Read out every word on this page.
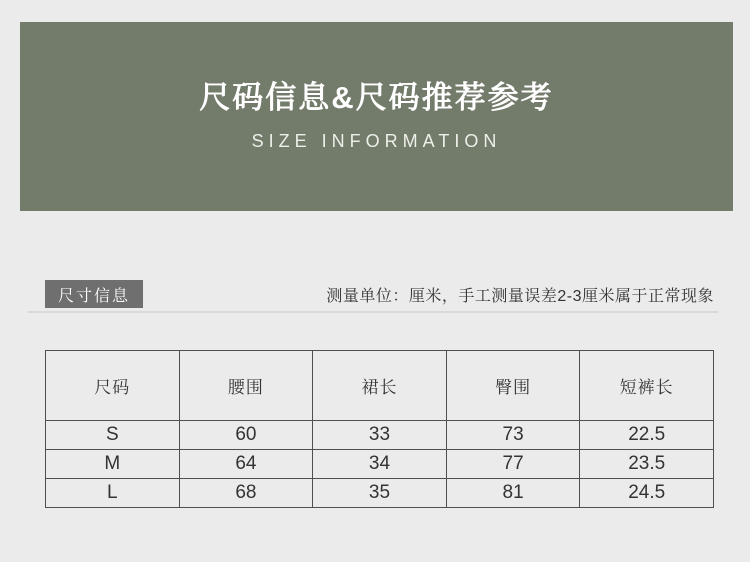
尺码信息&尺码推荐参考
SIZE INFORMATION
尺寸信息	测量单位：厘米，手工测量误差2-3厘米属于正常现象
尺码	腰围	裙长	臀围	短裤长
S	60	33	73	22.5
M	64	34	77	23.5
L	68	35	81	24.5
